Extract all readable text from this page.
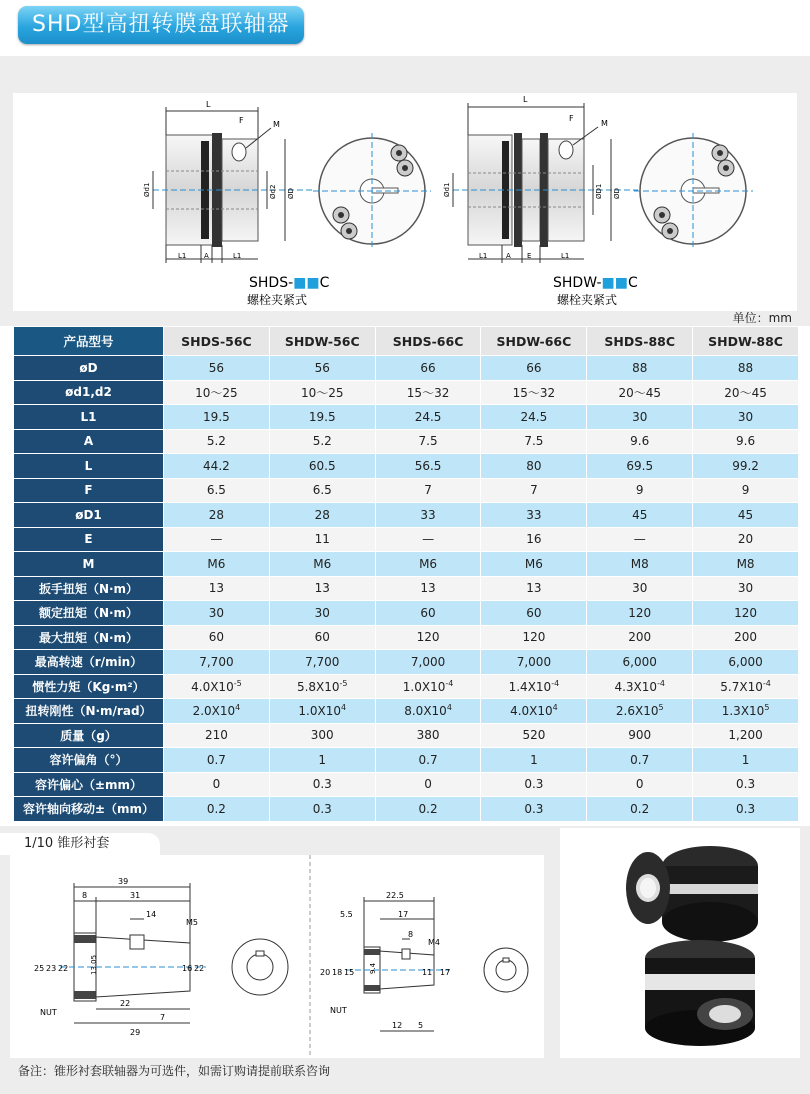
SHD型高扭转膜盘联轴器
L
F	M
Ød1	Ød2 ØD
L1	A	L1
SHDS-■■C
螺栓夹紧式
L
F
M
Ød1	ØD1 ØD
L1	A E	L1
SHDW-■■C
螺栓夹紧式
单位：mm
产品型号	SHDS-56C	SHDW-56C	SHDS-66C	SHDW-66C	SHDS-88C	SHDW-88C
øD	56	56	66	66	88	88
ød1,d2	10～25	10～25	15～32	15～32	20～45	20～45
L1	19.5	19.5	24.5	24.5	30	30
A	5.2	5.2	7.5	7.5	9.6	9.6
L	44.2	60.5	56.5	80	69.5	99.2
F	6.5	6.5	7	7	9	9
øD1	28	28	33	33	45	45
E	—	11	—	16	—	20
M	M6	M6	M6	M6	M8	M8
扳手扭矩（N·m）	13	13	13	13	30	30
额定扭矩（N·m）	30	30	60	60	120	120
最大扭矩（N·m）	60	60	120	120	200	200
最高转速（r/min）	7,700	7,700	7,000	7,000	6,000	6,000
惯性力矩（Kg·m²）	$4.0X10^{-5}$	$5.8X10^{-5}$	$1.0X10^{-4}$	$1.4X10^{-4}$	$4.3X10^{-4}$	$5.7X10^{-4}$
扭转刚性（N·m/rad）	$2.0X10^4$	$1.0X10^4$	$8.0X10^4$	$4.0X10^4$	$2.6X10^5$	$1.3X10^5$
质量（g）	210	300	380	520	900	1,200
容许偏角（°）	0.7	1	0.7	1	0.7	1
容许偏心（±mm）	0	0.3	0	0.3	0	0.3
容许轴向移动±（mm）	0.2	0.3	0.2	0.3	0.2	0.3
1/10 锥形衬套
39
8	31
14
M5
25 23 22	13.05	16 22
NUT
22
7
29
22.5
5.5	17
8
M4
20 18 15 9.4	11 17
NUT
12 5
备注：锥形衬套联轴器为可选件，如需订购请提前联系咨询
